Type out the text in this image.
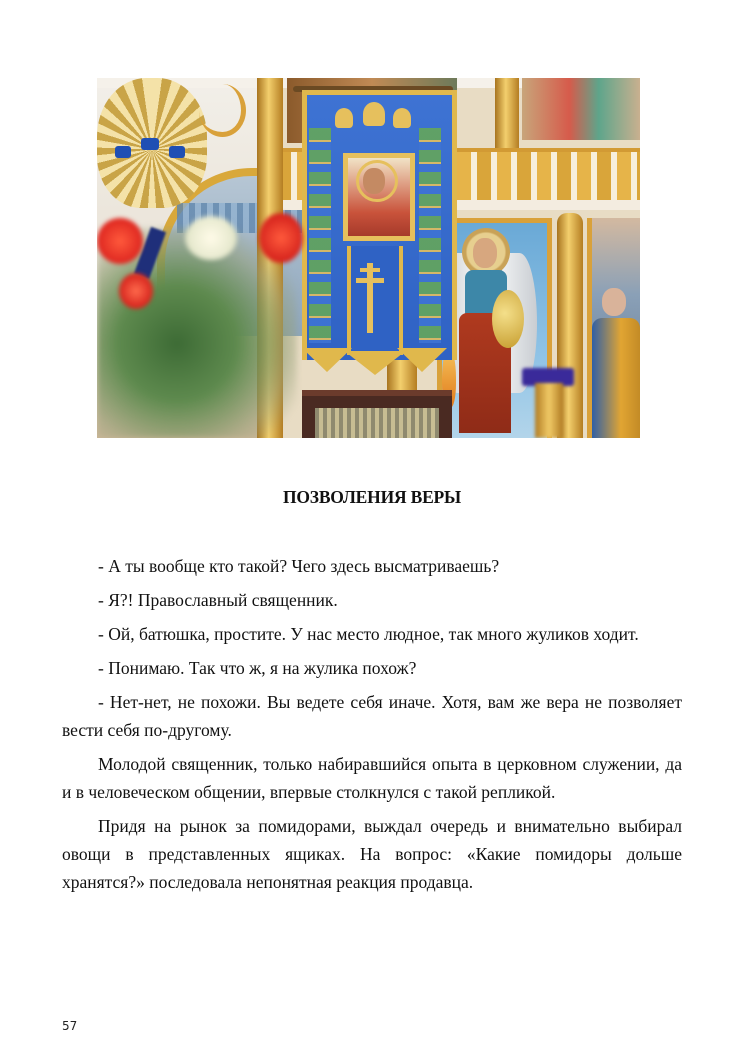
ПОЗВОЛЕНИЯ ВЕРЫ

- А ты вообще кто такой? Чего здесь высматриваешь?

- Я?! Православный священник.

- Ой, батюшка, простите. У нас место людное, так много жуликов ходит.

- Понимаю. Так что ж, я на жулика похож?

- Нет-нет, не похожи. Вы ведете себя иначе. Хотя, вам же вера не позволяет вести себя по-другому.

Молодой священник, только набиравшийся опыта в церковном служении, да и в человеческом общении, впервые столкнулся с такой репликой.

Придя на рынок за помидорами, выждал очередь и внимательно выбирал овощи в представленных ящиках. На вопрос: «Какие помидоры дольше хранятся?» последовала непонятная реакция продавца.

57
